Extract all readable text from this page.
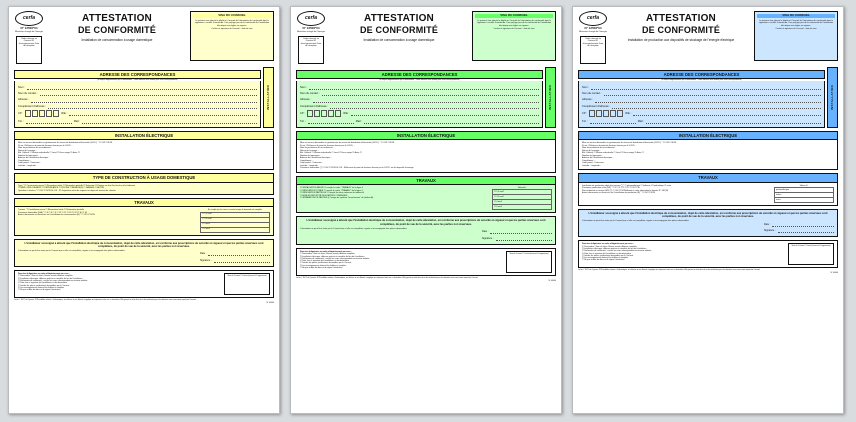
cerfa
N° 12506*04
Ministère chargé de l'énergie
Cadre réservé au Consuel N° d'enregistrement Date de réception
ATTESTATION
DE CONFORMITÉ
Installation de consommation à usage domestique
VISA DU CONSUEL
Le présent visa atteste le dépôt au Consuel de l'attestation de conformité dont le signataire a certifié l'exactitude. Il ne préjuge pas de la conformité de l'installation électrique aux règles en vigueur.
Cachet et signature du Consuel – date de visa
ADRESSE DES CORRESPONDANCES
(à remplir obligatoirement par le demandeur – cette adresse sera utilisée pour toute correspondance)
Nom :
Nom du contact :
Adresse :
Complément d'adresse :
CP :	Ville :
Tél. :	Mail :
INSTALLATION
INSTALLATION ÉLECTRIQUE
Mise en service demandée au gestionnaire du réseau de distribution d'électricité (G.R.D.) * ☐ OUI ☐ NON
Si oui : Référence du point de livraison fournie par le G.R.D. :
Nom du prestataire de raccordement :
Nature de l'ouvrage :
Bât. Collectif ☐ Maison individuelle ☐ Local ☐ Hors usage ☐ Autre ☐
Nombre de logements :
Adresse de l'installation électrique :
Complément :
Code postal : Commune :
Latitude : Longitude :
TYPE DE CONSTRUCTION À USAGE DOMESTIQUE
Type * ☐ Construction neuve ☐ Rénovation totale ☐ Rénovation partielle ☐ Extension ☐ Remise en état d'un local ou d'un bâtiment
☐ PAVILLON/LOGEMENT ☐ DÉPENDANCE ☐ PISCINE ☐ ANNEXE(S) ☐ GARAGE ☐ AUTRE
Opération à évaluer * ☐ OUI ☐ NON Si OUI : N° d'opération et/ou de segment et objets de travaux de chantier
TRAVAUX
Travaux * ☐ Installation neuve ☐ Rénovation totale ☐ Rénovation partielle
Puissance demandée (kVA) * ☐ 3 ☐ 6 ☐ 9 ☐ 12 ☐ 15 ☐ 18 ☐ 24 ☐ 30 ☐ 36
Autres documents ou électricité sur l'installation de consommation (B) * ☐ OUI ☐ NON
Ne remplir que les cases ci-contre lorsque la demande est complète
☐ 1,5 mm²
☐ 2,5 mm²
☐ 4 mm²
☐ 6 mm²
L'installateur soussigné a attesté que l'installation électrique de consommation, objet de cette attestation, est conforme aux prescriptions de sécurité en vigueur et que les parties réservées sont complétées, du point de vue de la sécurité, avec les parties non réservées.
L'attestation ne peut être visée par le Consuel que si elle est complétée, signée et accompagnée des pièces demandées.
Date :
Signature :
Données obligatoires au cadre obligatoirement par vous :
① Demandeur : Nom du client, Raison sociale, Adresse complète
② Installation électrique : Adresse précise et complète du lieu de l'installation
③ Déclaration de conformité : cocher les cases correspondant aux travaux réalisés
④ Date, lieu et signature de l'installateur ou du demandeur
⑤ Joindre les pièces justificatives demandées par le Consuel
⑥ Les renseignements doivent être lisibles et complets
⑦ Ne pas oublier de dater et de signer l'attestation
Visa du Consuel / Cachet (réservé à l'organisme)
La loi n° 78-17 du 6 janvier 1978 modifiée relative à l'informatique, aux fichiers et aux libertés s'applique aux réponses faites sur ce formulaire. Elle garantit un droit d'accès et de rectification pour les données vous concernant auprès du Consuel.
N° 00000
cerfa
N° 12506*04
Ministère chargé de l'énergie
Cadre réservé au Consuel N° d'enregistrement Date de réception
ATTESTATION
DE CONFORMITÉ
Installation de consommation à usage domestique
VISA DU CONSUEL
Le présent visa atteste le dépôt au Consuel de l'attestation de conformité dont le signataire a certifié l'exactitude. Il ne préjuge pas de la conformité de l'installation électrique aux règles en vigueur.
Cachet et signature du Consuel – date de visa
ADRESSE DES CORRESPONDANCES
(à remplir obligatoirement par le demandeur – cette adresse sera utilisée pour toute correspondance)
Nom :
Nom du contact :
Adresse :
Complément d'adresse :
CP :	Ville :
Tél. :	Mail :
INSTALLATION
INSTALLATION ÉLECTRIQUE
Mise en service demandée au gestionnaire du réseau de distribution d'électricité (G.R.D.) * ☐ OUI ☐ NON
Si oui : Référence du point de livraison fournie par le G.R.D. :
Nom du prestataire de raccordement :
Nature de l'ouvrage :
Bât. Collectif ☐ Maison individuelle ☐ Local ☐ Hors usage ☐ Autre ☐
Nombre de logements :
Adresse de l'installation électrique :
Complément :
Code postal : Commune :
Latitude : Longitude :
Puissance demandée (*) ☐ OUI ☐ NON Si OUI : Référence du point de livraison fournie par le G.R.D. ou du dispositif d'ouvrage
TRAVAUX
☐ INSTALLATION NEUVE ☐ remplir le cadre "TRAVAUX" de la ligne 4
☐ RÉNOVATION TOTALE ☐ remplir le cadre "TRAVAUX" de la ligne 4
☐ RÉNOVATION PARTIELLE ☐ remplir les deux colonnes du tableau A
☐ MISE EN SÉCURITÉ DES PARTIES COMMUNES
☐ SÉPARATION DE PARTIES (à l'usage du système "branchement" de tableau A)
Tableau A :
☐ 1,5 mm²
☐ 2,5 mm²
☐ 4 mm²
☐ 6 mm²
L'installateur soussigné a attesté que l'installation électrique de consommation, objet de cette attestation, est conforme aux prescriptions de sécurité en vigueur et que les parties réservées sont complétées, du point de vue de la sécurité, avec les parties non réservées.
L'attestation ne peut être visée par le Consuel que si elle est complétée, signée et accompagnée des pièces demandées.
Date :
Signature :
Données obligatoires au cadre obligatoirement par vous :
① Demandeur : Nom du client, Raison sociale, Adresse complète
② Installation électrique : Adresse précise et complète du lieu de l'installation
③ Déclaration de conformité : cocher les cases correspondant aux travaux réalisés
④ Date, lieu et signature de l'installateur ou du demandeur
⑤ Joindre les pièces justificatives demandées par le Consuel
⑥ Les renseignements doivent être lisibles et complets
⑦ Ne pas oublier de dater et de signer l'attestation
Visa du Consuel / Cachet (réservé à l'organisme)
La loi n° 78-17 du 6 janvier 1978 modifiée relative à l'informatique, aux fichiers et aux libertés s'applique aux réponses faites sur ce formulaire. Elle garantit un droit d'accès et de rectification pour les données vous concernant auprès du Consuel.
N° 00000
cerfa
N° 12506*04
Ministère chargé de l'énergie
Cadre réservé au Consuel N° d'enregistrement Date de réception
ATTESTATION
DE CONFORMITÉ
Installation de production aux dispositifs de stockage de l'énergie électrique
VISA DU CONSUEL
Le présent visa atteste le dépôt au Consuel de l'attestation de conformité dont le signataire a certifié l'exactitude. Il ne préjuge pas de la conformité de l'installation électrique aux règles en vigueur.
Cachet et signature du Consuel – date de visa
ADRESSE DES CORRESPONDANCES
(à remplir obligatoirement par le demandeur – cette adresse sera utilisée pour toute correspondance)
Nom :
Nom du contact :
Adresse :
Complément d'adresse :
CP :	Ville :
Tél. :	Mail :
INSTALLATION
INSTALLATION ÉLECTRIQUE
Mise en service demandée au gestionnaire du réseau de distribution d'électricité (G.R.D.) * ☐ OUI ☐ NON
Si oui : Référence du point de livraison fournie par le G.R.D. :
Nom du prestataire de raccordement :
Nature de l'ouvrage :
Bât. Collectif ☐ Maison individuelle ☐ Local ☐ Hors usage ☐ Autre ☐
Nombre de logements :
Adresse de l'installation électrique :
Complément :
Code postal : Commune :
Latitude : Longitude :
TRAVAUX
Installation de production objet des travaux (*) * ☐ photovoltaïque ☐ éolienne ☐ hydraulique ☐ autre
Puissance production crête (kW) * ☐ 3 ☐ 6 ☐ 9 ☐ 12 ☐ 18 ☐ 36
Raccordement au réseau GRD (*) ☐ OUI ☐ NON Arrivée à cette attestation le dossier N° 140 (B)
Autres documents ou électricité sur l'installation de production (B) * ☐ OUI ☐ NON
Tableau B :
photovoltaïque
éolien
autre
L'installateur soussigné a attesté que l'installation électrique de consommation, objet de cette attestation, est conforme aux prescriptions de sécurité en vigueur et que les parties réservées sont complétées, du point de vue de la sécurité, avec les parties non réservées.
L'attestation ne peut être visée par le Consuel que si elle est complétée, signée et accompagnée des pièces demandées.
Date :
Signature :
Données obligatoires au cadre obligatoirement par vous :
① Demandeur : Nom du client, Raison sociale, Adresse complète
② Installation électrique : Adresse précise et complète du lieu de l'installation
③ Déclaration de conformité : cocher les cases correspondant aux travaux réalisés
④ Date, lieu et signature de l'installateur ou du demandeur
⑤ Joindre les pièces justificatives demandées par le Consuel
⑥ Les renseignements doivent être lisibles et complets
⑦ Ne pas oublier de dater et de signer l'attestation
Visa du Consuel / Cachet (réservé à l'organisme)
La loi n° 78-17 du 6 janvier 1978 modifiée relative à l'informatique, aux fichiers et aux libertés s'applique aux réponses faites sur ce formulaire. Elle garantit un droit d'accès et de rectification pour les données vous concernant auprès du Consuel.
N° 00000
